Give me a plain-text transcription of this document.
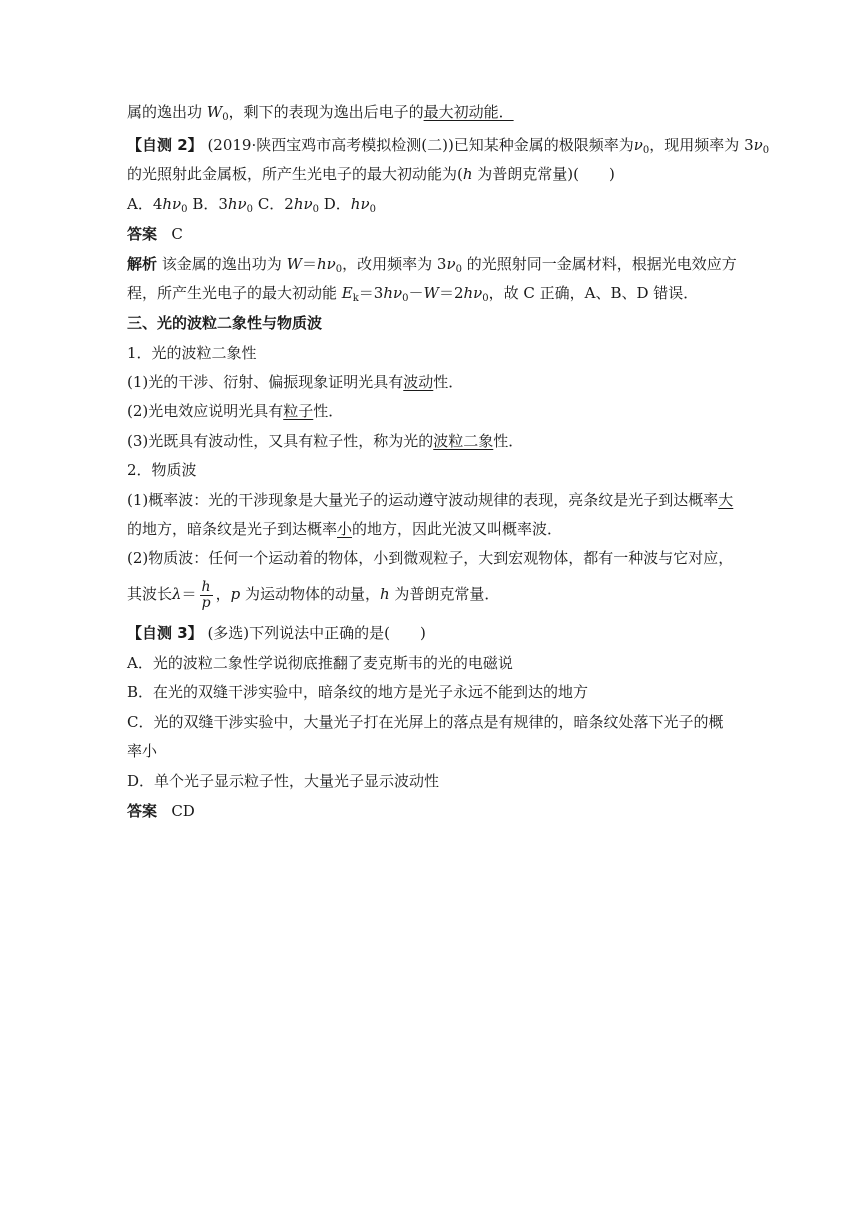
属的逸出功 $W_0$，剩下的表现为逸出后电子的最大初动能．
【自测 2】 (2019·陕西宝鸡市高考模拟检测(二))已知某种金属的极限频率为$\nu_0$，现用频率为 $3\nu_0$
的光照射此金属板，所产生光电子的最大初动能为(h 为普朗克常量)(　　)
A．$4h\nu_0$ B．$3h\nu_0$ C．$2h\nu_0$ D．$h\nu_0$
答案 C
解析 该金属的逸出功为 $W=h\nu_0$，改用频率为 $3\nu_0$ 的光照射同一金属材料，根据光电效应方
程，所产生光电子的最大初动能 $E_k=3h\nu_0-W=2h\nu_0$，故 C 正确，A、B、D 错误．
三、光的波粒二象性与物质波
1．光的波粒二象性
(1)光的干涉、衍射、偏振现象证明光具有波动性．
(2)光电效应说明光具有粒子性．
(3)光既具有波动性，又具有粒子性，称为光的波粒二象性．
2．物质波
(1)概率波：光的干涉现象是大量光子的运动遵守波动规律的表现，亮条纹是光子到达概率大
的地方，暗条纹是光子到达概率小的地方，因此光波又叫概率波．
(2)物质波：任何一个运动着的物体，小到微观粒子，大到宏观物体，都有一种波与它对应，
其波长$\lambda= \frac{h}{p}$ ，p 为运动物体的动量，h 为普朗克常量．
【自测 3】 (多选)下列说法中正确的是(　　)
A．光的波粒二象性学说彻底推翻了麦克斯韦的光的电磁说
B．在光的双缝干涉实验中，暗条纹的地方是光子永远不能到达的地方
C．光的双缝干涉实验中，大量光子打在光屏上的落点是有规律的，暗条纹处落下光子的概
率小
D．单个光子显示粒子性，大量光子显示波动性
答案 CD
